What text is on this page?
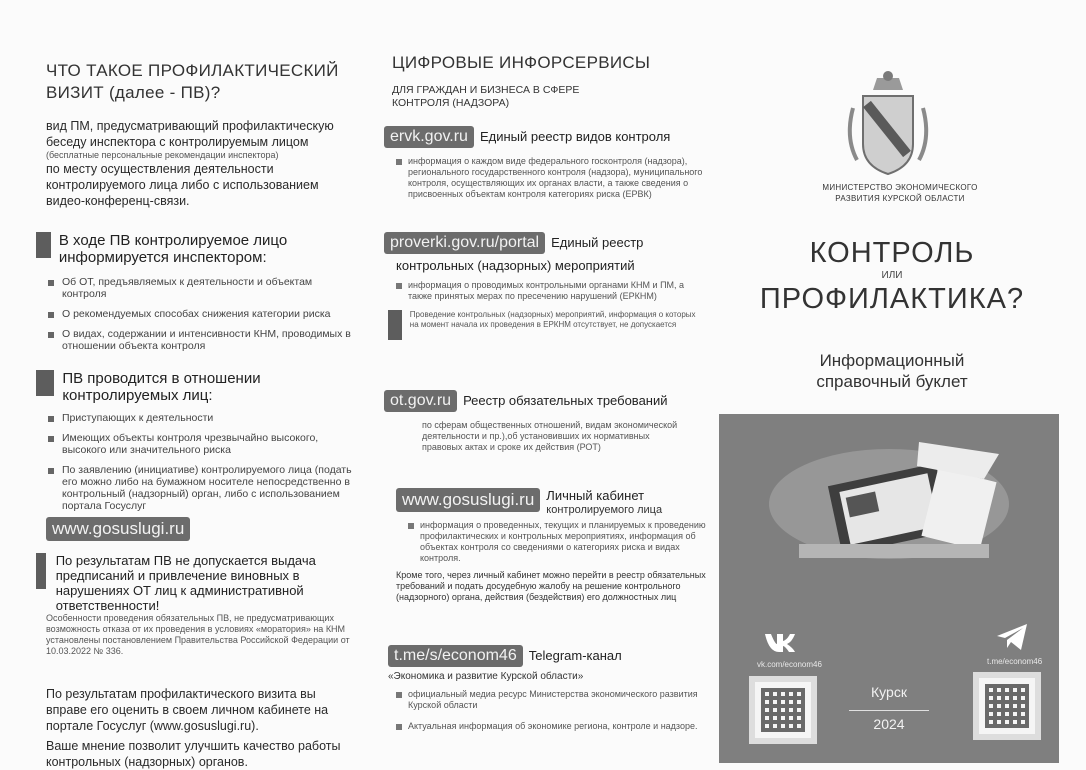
ЧТО ТАКОЕ ПРОФИЛАКТИЧЕСКИЙ ВИЗИТ (далее - ПВ)?
вид ПМ, предусматривающий профилактическую
беседу инспектора с контролируемым лицом
(бесплатные персональные рекомендации инспектора)
по месту осуществления деятельности
контролируемого лица либо с использованием
видео-конференц-связи.
В ходе ПВ контролируемое лицо информируется инспектором:
Об ОТ, предъявляемых к деятельности и объектам контроля
О рекомендуемых способах снижения категории риска
О видах, содержании и интенсивности КНМ, проводимых в отношении объекта контроля
ПВ проводится в отношении контролируемых лиц:
Приступающих к деятельности
Имеющих объекты контроля чрезвычайно высокого, высокого или значительного риска
По заявлению (инициативе) контролируемого лица (подать его можно либо на бумажном носителе непосредственно в контрольный (надзорный) орган, либо с использованием портала Госуслуг
www.gosuslugi.ru
По результатам ПВ не допускается выдача предписаний и привлечение виновных в нарушениях ОТ лиц к административной ответственности!
Особенности проведения обязательных ПВ, не предусматривающих возможность отказа от их проведения в условиях «моратория» на КНМ установлены постановлением Правительства Российской Федерации от 10.03.2022 № 336.
По результатам профилактического визита вы вправе его оценить в своем личном кабинете на портале Госуслуг (www.gosuslugi.ru).
Ваше мнение позволит улучшить качество работы контрольных (надзорных) органов.
ЦИФРОВЫЕ ИНФОРСЕРВИСЫ
ДЛЯ ГРАЖДАН И БИЗНЕСА В СФЕРЕ КОНТРОЛЯ (НАДЗОРА)
ervk.gov.ru Единый реестр видов контроля
информация о каждом виде федерального госконтроля (надзора), регионального государственного контроля (надзора), муниципального контроля, осуществляющих их органах власти, а также сведения о присвоенных объектам контроля категориях риска (ЕРВК)
proverki.gov.ru/portal Единый реестр
контрольных (надзорных) мероприятий
информация о проводимых контрольными органами КНМ и ПМ, а также принятых мерах по пресечению нарушений (ЕРКНМ)
Проведение контрольных (надзорных) мероприятий, информация о которых на момент начала их проведения в ЕРКНМ отсутствует, не допускается
ot.gov.ru Реестр обязательных требований
по сферам общественных отношений, видам экономической деятельности и пр.),об установивших их нормативных правовых актах и сроке их действия (РОТ)
www.gosuslugi.ru Личный кабинет
контролируемого лица
информация о проведенных, текущих и планируемых к проведению профилактических и контрольных мероприятиях, информация об объектах контроля со сведениями о категориях риска и видах контроля.
Кроме того, через личный кабинет можно перейти в реестр обязательных требований и подать досудебную жалобу на решение контрольного (надзорного) органа, действия (бездействия) его должностных лиц
t.me/s/econom46 Telegram-канал
«Экономика и развитие Курской области»
официальный медиа ресурс Министерства экономического развития Курской области
Актуальная информация об экономике региона, контроле и надзоре.
МИНИСТЕРСТВО ЭКОНОМИЧЕСКОГО
РАЗВИТИЯ КУРСКОЙ ОБЛАСТИ
КОНТРОЛЬ
ИЛИ
ПРОФИЛАКТИКА?
Информационный
справочный буклет
vk.com/econom46	t.me/econom46
Курск
2024
